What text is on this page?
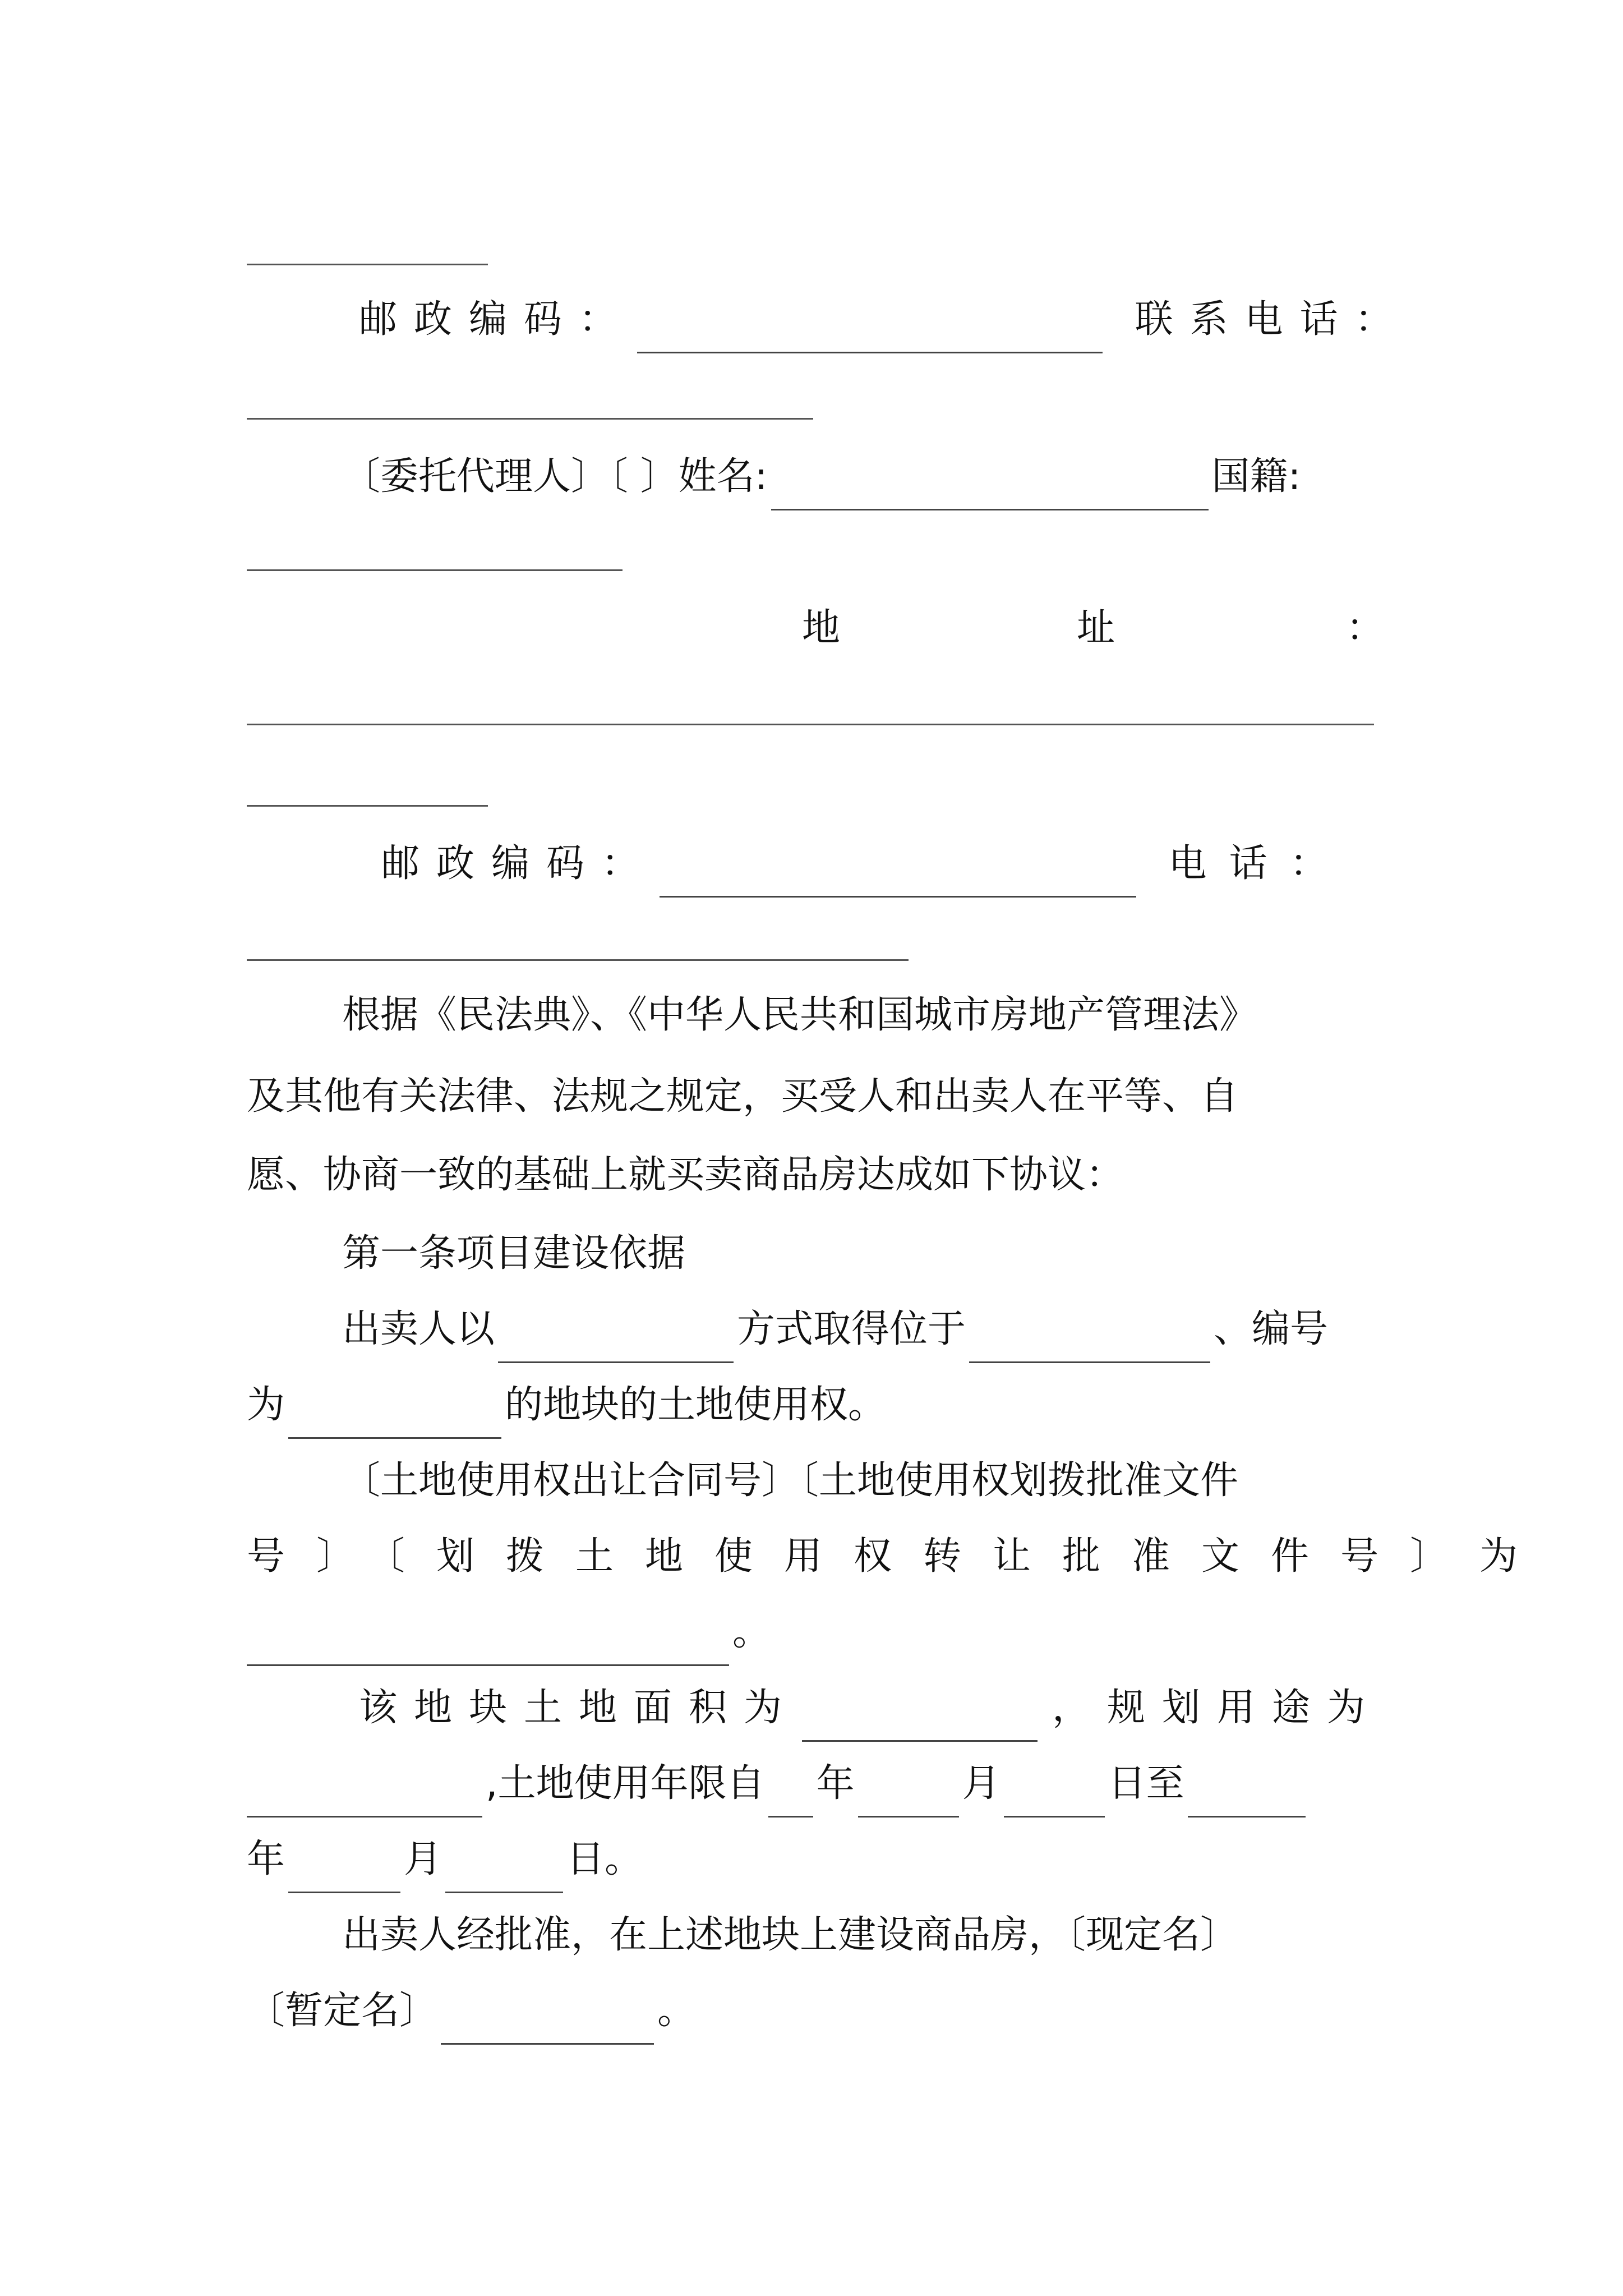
邮政编码：	联系电话：
〔委托代理人〕〔 〕姓名:	国籍:
地	址	：
邮政编码：	电话：
根据《民法典》、《中华人民共和国城市房地产管理法》
及其他有关法律、法规之规定，买受人和出卖人在平等、自
愿、协商一致的基础上就买卖商品房达成如下协议：
第一条项目建设依据
出卖人以	方式取得位于	、编号
为	的地块的土地使用权。
〔土地使用权出让合同号〕〔土地使用权划拨批准文件
号〕〔划拨土地使用权转让批准文件号〕为
。
该地块土地面积为	，规划用途为
,土地使用年限自 年	月	日至
年	月	日。
出卖人经批准，在上述地块上建设商品房，〔现定名〕
〔暂定名〕	。
